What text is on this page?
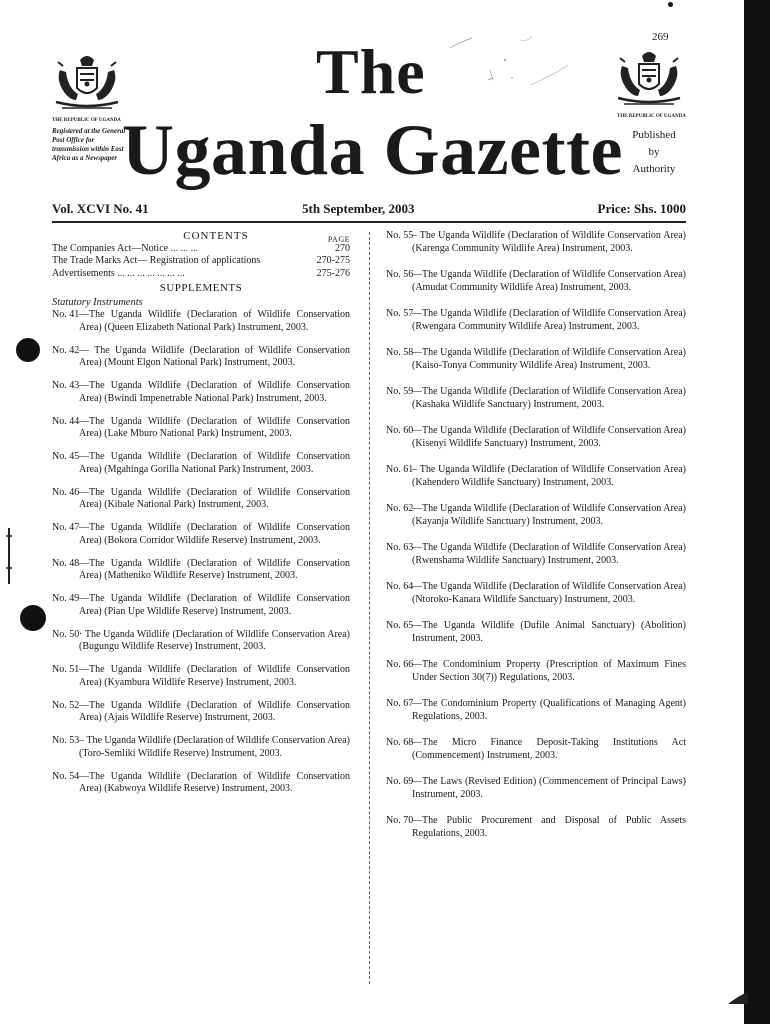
269
THE REPUBLIC OF UGANDA
THE REPUBLIC OF UGANDA
The
Uganda Gazette
Registered at the General Post Office for transmission within East Africa as a Newspaper
Published
by
Authority
Vol. XCVI No. 41	5th September, 2003	Price: Shs. 1000
CONTENTS	PAGE
The Companies Act—Notice ... ... ...	270
The Trade Marks Act— Registration of applications	270-275
Advertisements ... ... ... ... ... ... ...	275-276
SUPPLEMENTS
Statutory Instruments
No. 41 —The Uganda Wildlife (Declaration of Wildlife Conservation Area) (Queen Elizabeth National Park) Instrument, 2003.
No. 42 — The Uganda Wildlife (Declaration of Wildlife Conservation Area) (Mount Elgon National Park) Instrument, 2003.
No. 43 —The Uganda Wildlife (Declaration of Wildlife Conservation Area) (Bwindi Impenetrable National Park) Instrument, 2003.
No. 44 —The Uganda Wildlife (Declaration of Wildlife Conservation Area) (Lake Mburo National Park) Instrument, 2003.
No. 45 —The Uganda Wildlife (Declaration of Wildlife Conservation Area) (Mgahinga Gorilla National Park) Instrument, 2003.
No. 46 —The Uganda Wildlife (Declaration of Wildlife Conservation Area) (Kibale National Park) Instrument, 2003.
No. 47 —The Uganda Wildlife (Declaration of Wildlife Conservation Area) (Bokora Corridor Wildlife Reserve) Instrument, 2003.
No. 48 —The Uganda Wildlife (Declaration of Wildlife Conservation Area) (Matheniko Wildlife Reserve) Instrument, 2003.
No. 49 —The Uganda Wildlife (Declaration of Wildlife Conservation Area) (Pian Upe Wildlife Reserve) Instrument, 2003.
No. 50 · The Uganda Wildlife (Declaration of Wildlife Conservation Area) (Bugungu Wildlife Reserve) Instrument, 2003.
No. 51 —The Uganda Wildlife (Declaration of Wildlife Conservation Area) (Kyambura Wildlife Reserve) Instrument, 2003.
No. 52 —The Uganda Wildlife (Declaration of Wildlife Conservation Area) (Ajais Wildlife Reserve) Instrument, 2003.
No. 53 – The Uganda Wildlife (Declaration of Wildlife Conservation Area) (Toro-Semliki Wildlife Reserve) Instrument, 2003.
No. 54 —The Uganda Wildlife (Declaration of Wildlife Conservation Area) (Kabwoya Wildlife Reserve) Instrument, 2003.
No. 55
– The Uganda Wildlife (Declaration of Wildlife Conservation Area) (Karenga Community Wildlife Area) Instrument, 2003.
No. 56
—The Uganda Wildlife (Declaration of Wildlife Conservation Area) (Amudat Community Wildlife Area) Instrument, 2003.
No. 57
—The Uganda Wildlife (Declaration of Wildlife Conservation Area) (Rwengara Community Wildlife Area) Instrument, 2003.
No. 58
—The Uganda Wildlife (Declaration of Wildlife Conservation Area) (Kaiso-Tonya Community Wildlife Area) Instrument, 2003.
No. 59
—The Uganda Wildlife (Declaration of Wildlife Conservation Area) (Kashaka Wildlife Sanctuary) Instrument, 2003.
No. 60
—The Uganda Wildlife (Declaration of Wildlife Conservation Area) (Kisenyi Wildlife Sanctuary) Instrument, 2003.
No. 61
– The Uganda Wildlife (Declaration of Wildlife Conservation Area) (Kahendero Wildlife Sanctuary) Instrument, 2003.
No. 62
—The Uganda Wildlife (Declaration of Wildlife Conservation Area) (Kayanja Wildlife Sanctuary) Instrument, 2003.
No. 63
—The Uganda Wildlife (Declaration of Wildlife Conservation Area) (Rwenshama Wildlife Sanctuary) Instrument, 2003.
No. 64
—The Uganda Wildlife (Declaration of Wildlife Conservation Area) (Ntoroko-Kanara Wildlife Sanctuary) Instrument, 2003.
No. 65
—The Uganda Wildlife (Dufile Animal Sanctuary) (Abolition) Instrument, 2003.
No. 66
—The Condominium Property (Prescription of Maximum Fines Under Section 30(7)) Regulations, 2003.
No. 67
—The Condominium Property (Qualifications of Managing Agent) Regulations, 2003.
No. 68
—The Micro Finance Deposit-Taking Institutions Act (Commencement) Instrument, 2003.
No. 69
—The Laws (Revised Edition) (Commencement of Principal Laws) Instrument, 2003.
No. 70
—The Public Procurement and Disposal of Public Assets Regulations, 2003.
